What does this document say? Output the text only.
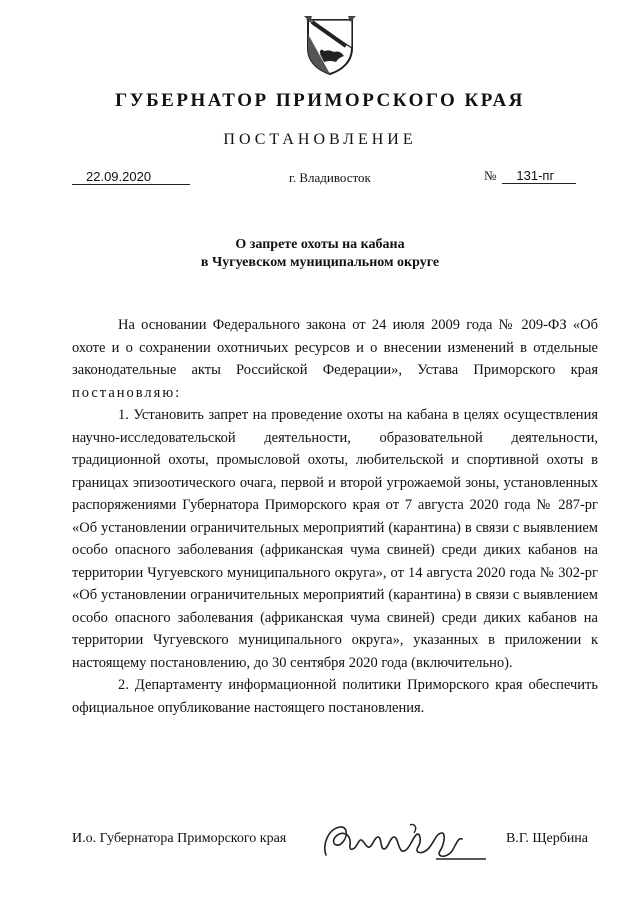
ГУБЕРНАТОР ПРИМОРСКОГО КРАЯ
ПОСТАНОВЛЕНИЕ
22.09.2020	г. Владивосток	№	131-пг
О запрете охоты на кабана
в Чугуевском муниципальном округе

На основании Федерального закона от 24 июля 2009 года № 209-ФЗ «Об охоте и о сохранении охотничьих ресурсов и о внесении изменений в отдельные законодательные акты Российской Федерации», Устава Приморского края постановляю:

1. Установить запрет на проведение охоты на кабана в целях осуществления научно-исследовательской деятельности, образовательной деятельности, традиционной охоты, промысловой охоты, любительской и спортивной охоты в границах эпизоотического очага, первой и второй угрожаемой зоны, установленных распоряжениями Губернатора Приморского края от 7 августа 2020 года № 287-рг «Об установлении ограничительных мероприятий (карантина) в связи с выявлением особо опасного заболевания (африканская чума свиней) среди диких кабанов на территории Чугуевского муниципального округа», от 14 августа 2020 года № 302-рг «Об установлении ограничительных мероприятий (карантина) в связи с выявлением особо опасного заболевания (африканская чума свиней) среди диких кабанов на территории Чугуевского муниципального округа», указанных в приложении к настоящему постановлению, до 30 сентября 2020 года (включительно).

2. Департаменту информационной политики Приморского края обеспечить официальное опубликование настоящего постановления.

И.о. Губернатора Приморского края	В.Г. Щербина
